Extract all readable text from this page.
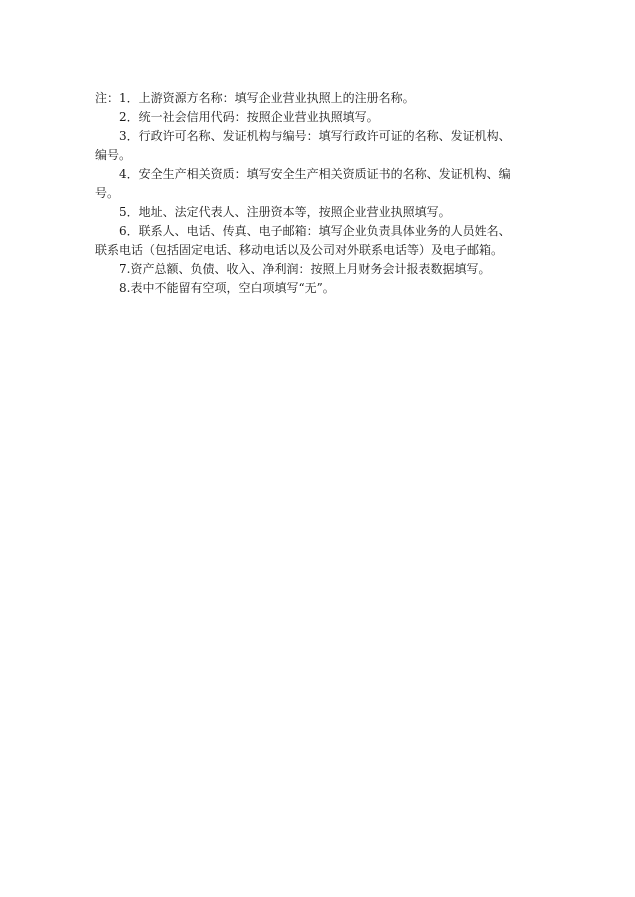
注：1．上游资源方名称：填写企业营业执照上的注册名称。
2．统一社会信用代码：按照企业营业执照填写。
3．行政许可名称、发证机构与编号：填写行政许可证的名称、发证机构、
编号。
4．安全生产相关资质：填写安全生产相关资质证书的名称、发证机构、编
号。
5．地址、法定代表人、注册资本等，按照企业营业执照填写。
6．联系人、电话、传真、电子邮箱：填写企业负责具体业务的人员姓名、
联系电话（包括固定电话、移动电话以及公司对外联系电话等）及电子邮箱。
7.资产总额、负债、收入、净利润：按照上月财务会计报表数据填写。
8.表中不能留有空项，空白项填写“无”。
